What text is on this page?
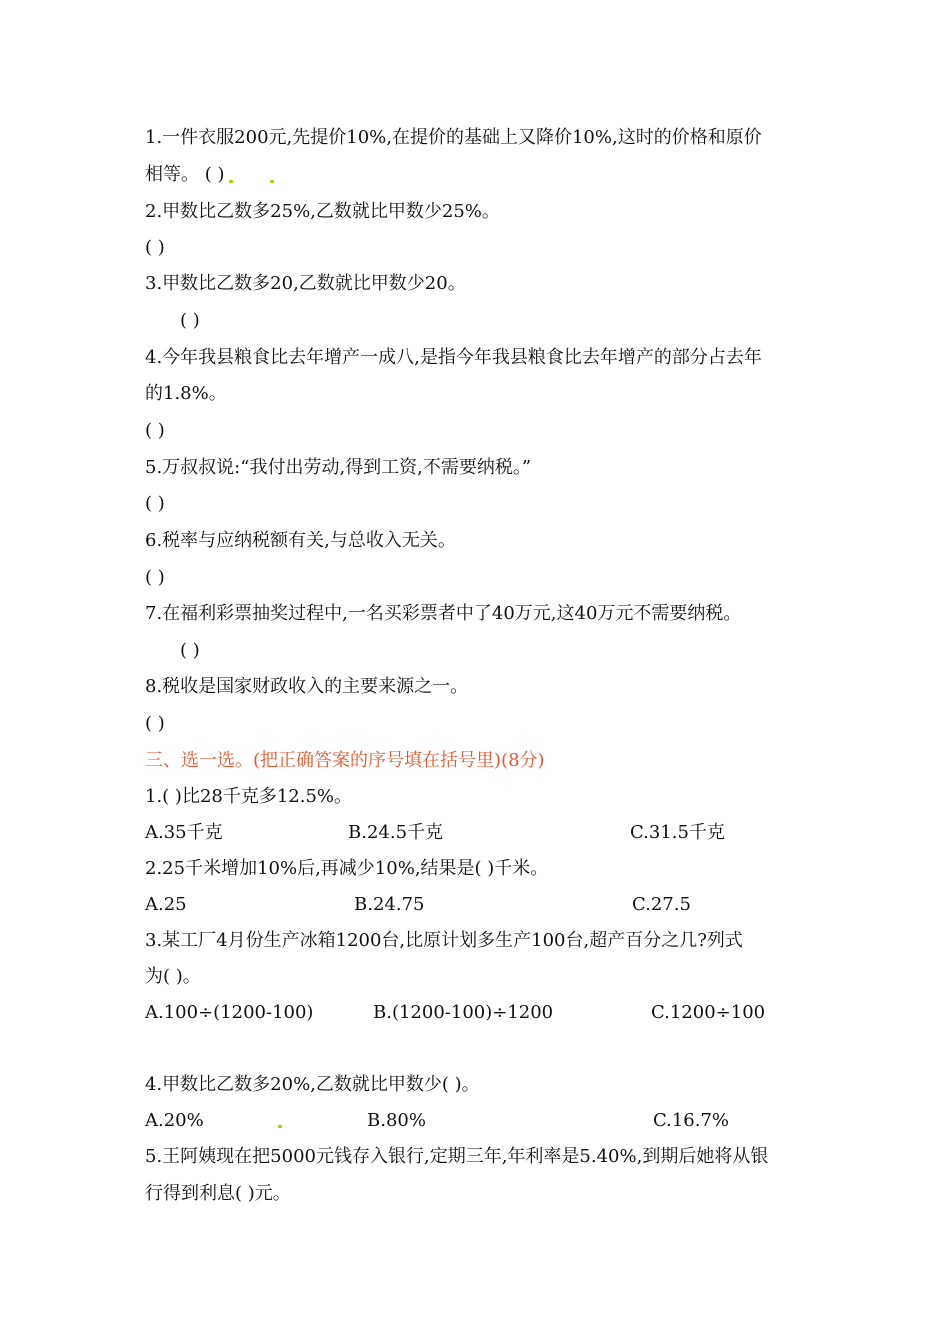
1.一件衣服200元,先提价10%,在提价的基础上又降价10%,这时的价格和原价
相等。 ( )
2.甲数比乙数多25%,乙数就比甲数少25%。
( )
3.甲数比乙数多20,乙数就比甲数少20。
( )
4.今年我县粮食比去年增产一成八,是指今年我县粮食比去年增产的部分占去年
的1.8%。
( )
5.万叔叔说:“我付出劳动,得到工资,不需要纳税。”
( )
6.税率与应纳税额有关,与总收入无关。
( )
7.在福利彩票抽奖过程中,一名买彩票者中了40万元,这40万元不需要纳税。
( )
8.税收是国家财政收入的主要来源之一。
( )
三、选一选。(把正确答案的序号填在括号里)(8分)
1.( )比28千克多12.5%。
A.35千克	B.24.5千克	C.31.5千克
2.25千米增加10%后,再减少10%,结果是( )千米。
A.25	B.24.75	C.27.5
3.某工厂4月份生产冰箱1200台,比原计划多生产100台,超产百分之几?列式
为( )。
A.100÷(1200-100)	B.(1200-100)÷1200	C.1200÷100
4.甲数比乙数多20%,乙数就比甲数少( )。
A.20%	B.80%	C.16.7%
5.王阿姨现在把5000元钱存入银行,定期三年,年利率是5.40%,到期后她将从银
行得到利息( )元。
